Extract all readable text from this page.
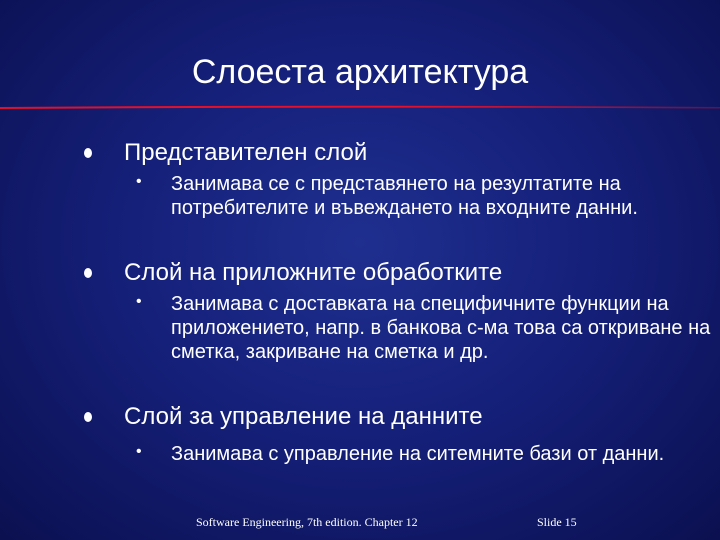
Слоеста архитектура
Представителен слой
• Занимава се с представянето на резултатите на потребителите и въвеждането на входните данни.
Слой на приложните обработките
• Занимава с доставката на специфичните функции на приложението, напр. в банкова с-ма това са откриване на сметка, закриване на сметка и др.
Слой за управление на данните
• Занимава с управление на ситемните бази от данни.
Software Engineering, 7th edition. Chapter 12	Slide 15
